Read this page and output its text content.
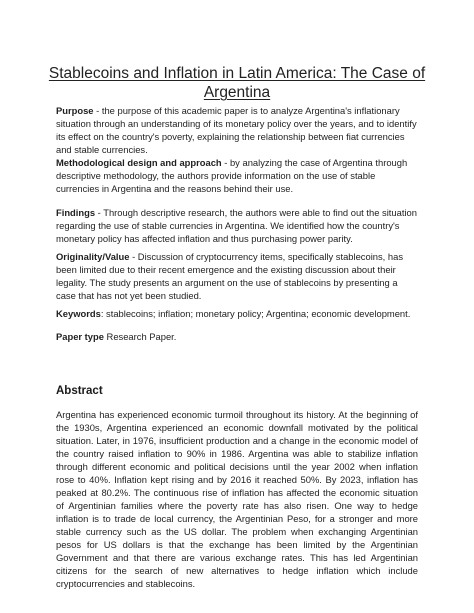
Stablecoins and Inflation in Latin America: The Case of Argentina

Purpose - the purpose of this academic paper is to analyze Argentina's inflationary situation through an understanding of its monetary policy over the years, and to identify its effect on the country's poverty, explaining the relationship between fiat currencies and stable currencies.

Methodological design and approach - by analyzing the case of Argentina through descriptive methodology, the authors provide information on the use of stable currencies in Argentina and the reasons behind their use.

Findings - Through descriptive research, the authors were able to find out the situation regarding the use of stable currencies in Argentina. We identified how the country's monetary policy has affected inflation and thus purchasing power parity.

Originality/Value - Discussion of cryptocurrency items, specifically stablecoins, has been limited due to their recent emergence and the existing discussion about their legality. The study presents an argument on the use of stablecoins by presenting a case that has not yet been studied.

Keywords: stablecoins; inflation; monetary policy; Argentina; economic development.

Paper type Research Paper.

Abstract

Argentina has experienced economic turmoil throughout its history. At the beginning of the 1930s, Argentina experienced an economic downfall motivated by the political situation. Later, in 1976, insufficient production and a change in the economic model of the country raised inflation to 90% in 1986. Argentina was able to stabilize inflation through different economic and political decisions until the year 2002 when inflation rose to 40%. Inflation kept rising and by 2016 it reached 50%. By 2023, inflation has peaked at 80.2%. The continuous rise of inflation has affected the economic situation of Argentinian families where the poverty rate has also risen. One way to hedge inflation is to trade de local currency, the Argentinian Peso, for a stronger and more stable currency such as the US dollar. The problem when exchanging Argentinian pesos for US dollars is that the exchange has been limited by the Argentinian Government and that there are various exchange rates. This has led Argentinian citizens for the search of new alternatives to hedge inflation which include cryptocurrencies and stablecoins.
